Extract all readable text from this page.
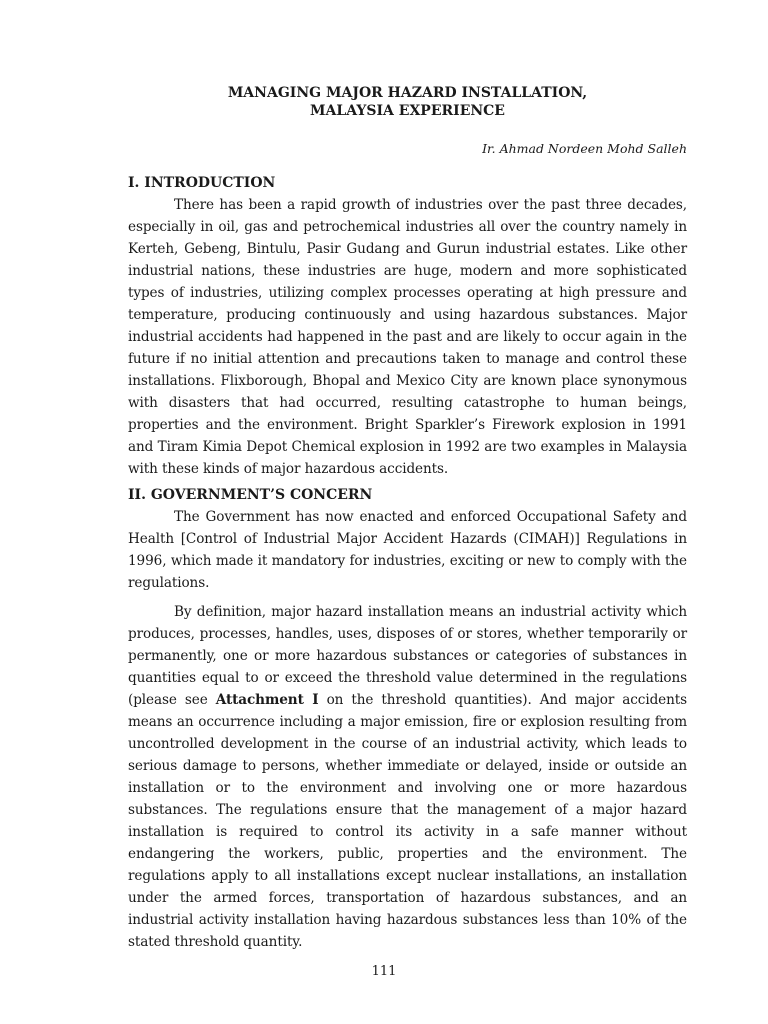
MANAGING MAJOR HAZARD INSTALLATION,
MALAYSIA EXPERIENCE

Ir. Ahmad Nordeen Mohd Salleh

I. INTRODUCTION

There has been a rapid growth of industries over the past three decades, especially in oil, gas and petrochemical industries all over the country namely in Kerteh, Gebeng, Bintulu, Pasir Gudang and Gurun industrial estates. Like other industrial nations, these industries are huge, modern and more sophisticated types of industries, utilizing complex processes operating at high pressure and temperature, producing continuously and using hazardous substances. Major industrial accidents had happened in the past and are likely to occur again in the future if no initial attention and precautions taken to manage and control these installations. Flixborough, Bhopal and Mexico City are known place synonymous with disasters that had occurred, resulting catastrophe to human beings, properties and the environment. Bright Sparkler’s Firework explosion in 1991 and Tiram Kimia Depot Chemical explosion in 1992 are two examples in Malaysia with these kinds of major hazardous accidents.

II. GOVERNMENT’S CONCERN

The Government has now enacted and enforced Occupational Safety and Health [Control of Industrial Major Accident Hazards (CIMAH)] Regulations in 1996, which made it mandatory for industries, exciting or new to comply with the regulations.

By definition, major hazard installation means an industrial activity which produces, processes, handles, uses, disposes of or stores, whether temporarily or permanently, one or more hazardous substances or categories of substances in quantities equal to or exceed the threshold value determined in the regulations (please see Attachment I on the threshold quantities). And major accidents means an occurrence including a major emission, fire or explosion resulting from uncontrolled development in the course of an industrial activity, which leads to serious damage to persons, whether immediate or delayed, inside or outside an installation or to the environment and involving one or more hazardous substances. The regulations ensure that the management of a major hazard installation is required to control its activity in a safe manner without endangering the workers, public, properties and the environment. The regulations apply to all installations except nuclear installations, an installation under the armed forces, transportation of hazardous substances, and an industrial activity installation having hazardous substances less than 10% of the stated threshold quantity.

111
